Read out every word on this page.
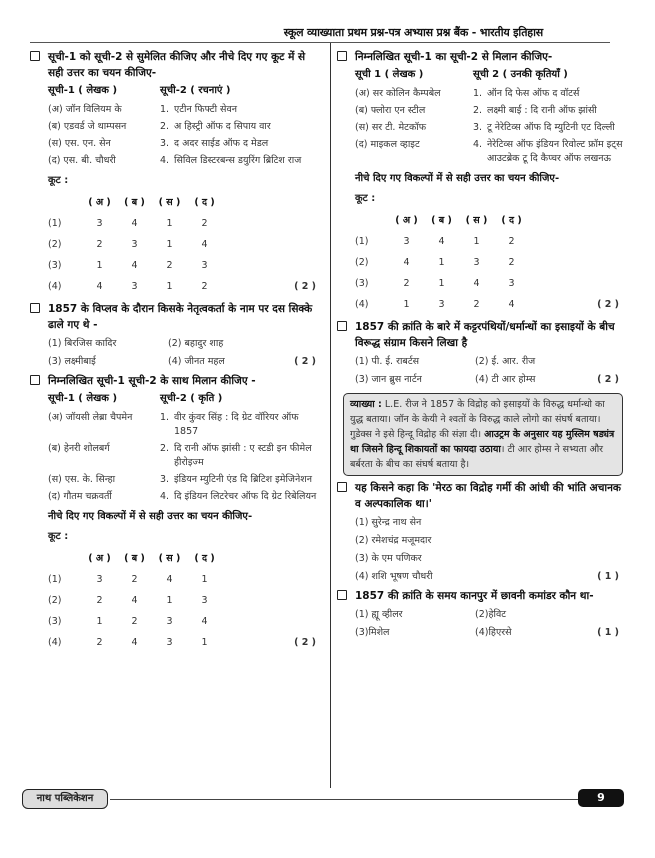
स्कूल व्याख्याता प्रथम प्रश्न-पत्र अभ्यास प्रश्न बैंक - भारतीय इतिहास
सूची-1 को सूची-2 से सुमेलित कीजिए और नीचे दिए गए कूट में से सही उत्तर का चयन कीजिए-
सूची-1 ( लेखक )	सूची-2 ( रचनाएं )
(अ) जॉन विलियम के	1. एटीन फिफ्टी सेवन
(ब) एडवर्ड जे थाम्पसन	2. अ हिस्ट्री ऑफ द सिपाय वार
(स) एस. एन. सेन	3. द अदर साईड ऑफ द मेडल
(द) एस. बी. चौधरी	4. सिविल डिस्टरबन्स डयुरिंग ब्रिटिश राज
कूट :
( अ )	( ब )	( स )	( द )
(1)	3	4	1	2
(2)	2	3	1	4
(3)	1	4	2	3
(4)	4	3	1	2	( 2 )
1857 के विप्लव के दौरान किसके नेतृत्वकर्ता के नाम पर दस सिक्के ढाले गए थे -
(1) बिरजिस कादिर	(2) बहादुर शाह
(3) लक्ष्मीबाई	(4) जीनत महल	( 2 )
निम्नलिखित सूची-1 सूची-2 के साथ मिलान कीजिए -
सूची-1 ( लेखक )	सूची-2 ( कृति )
(अ) जॉयसी लेब्रा चैपमेन	1. वीर कुंवर सिंह : दि ग्रेट वॉरियर ऑफ 1857
(ब) हेनरी शोलबर्ग	2. दि रानी ऑफ झांसी : ए स्टडी इन फीमेल हीरोइज्म
(स) एस. के. सिन्हा	3. इंडियन म्युटिनी एंड दि ब्रिटिश इमेजिनेशन
(द) गौतम चक्रवर्ती	4. दि इंडियन लिटरेचर ऑफ दि ग्रेट रिबेलियन
नीचे दिए गए विकल्पों में से सही उत्तर का चयन कीजिए-
कूट :
( अ )	( ब )	( स )	( द )
(1)	3	2	4	1
(2)	2	4	1	3
(3)	1	2	3	4
(4)	2	4	3	1	( 2 )
निम्नलिखित सूची-1 का सूची-2 से मिलान कीजिए-
सूची 1 ( लेखक )	सूची 2 ( उनकी कृतियाँ )
(अ) सर कोलिन कैम्पबेल	1. ऑन दि फेस ऑफ द वॉटर्स
(ब) फ्लोरा एन स्टील	2. लक्ष्मी बाई : दि रानी ऑफ झांसी
(स) सर टी. मेटकॉफ	3. टू नेरेटिव्स ऑफ दि म्युटिनी एट दिल्ली
(द) माइकल व्हाइट	4. नेरेटिव्स ऑफ इंडियन रिवोल्ट फ्रॉम इट्स आउटब्रेक टू दि कैप्चर ऑफ लखनऊ
नीचे दिए गए विकल्पों में से सही उत्तर का चयन कीजिए-
कूट :
( अ )	( ब )	( स )	( द )
(1)	3	4	1	2
(2)	4	1	3	2
(3)	2	1	4	3
(4)	1	3	2	4	( 2 )
1857 की क्रांति के बारे में कट्टरपंथियों/धर्मान्धों का इसाइयों के बीच विरूद्ध संग्राम किसने लिखा है
(1) पी. ई. राबर्टस	(2) ई. आर. रीज
(3) जान ब्रुस नार्टन	(4) टी आर होम्स	( 2 )
व्याख्या : L.E. रीज ने 1857 के विद्रोह को इसाइयों के विरुद्ध धर्मान्धो का युद्ध बताया। जॉन के केयी ने श्वतों के विरुद्ध काले लोगो का संघर्ष बताया। गुडेक्स ने इसे हिन्दू विद्रोह की संज्ञा दी। आउट्रम के अनुसार यह मुस्लिम षड्यंत्र था जिसने हिन्दू शिकायतों का फायदा उठाया। टी आर होम्स ने सभ्यता और बर्बरता के बीच का संघर्ष बताया है।
यह किसने कहा कि 'मेरठ का विद्रोह गर्मी की आंधी की भांति अचानक व अल्पकालिक था।'
(1) सुरेन्द्र नाथ सेन
(2) रमेशचंद्र मजूमदार
(3) के एम पणिकर
(4) शशि भूषण चौधरी	( 1 )
1857 की क्रांति के समय कानपुर में छावनी कमांडर कौन था-
(1) ह्यू व्हीलर	(2)हेविट
(3)मिशेल	(4)हिएरसे	( 1 )
नाथ पब्लिकेशन	9
